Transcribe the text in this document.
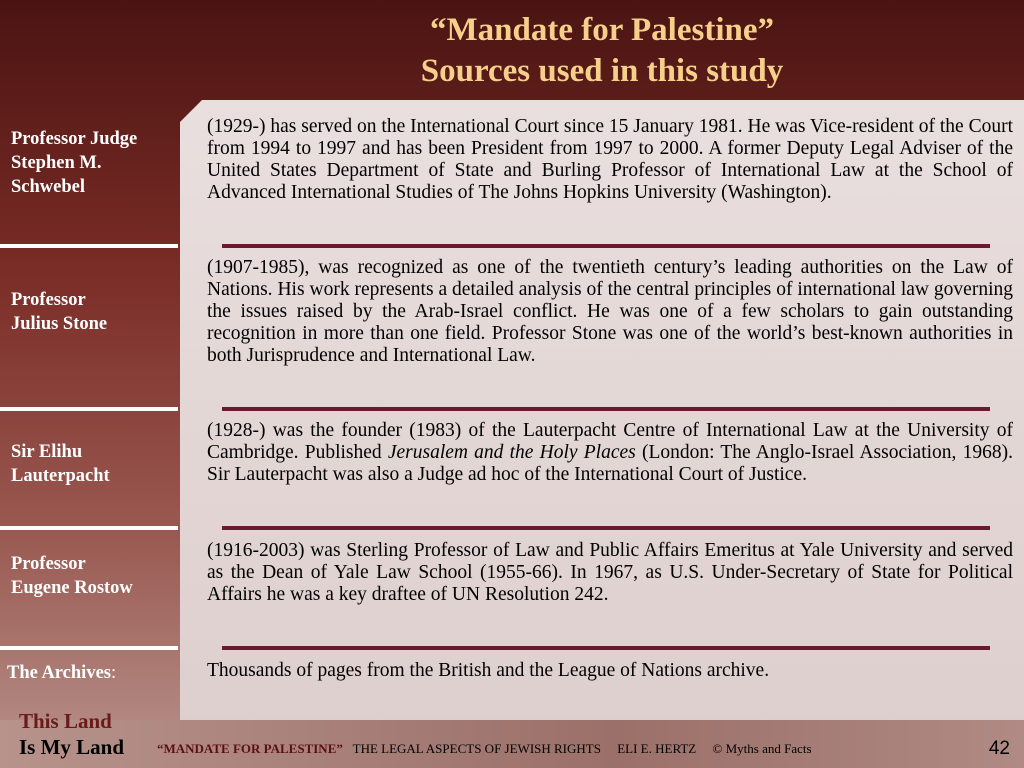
“Mandate for Palestine”
Sources used in this study
Professor Judge
Stephen M.
Schwebel
Professor
Julius Stone
Sir Elihu
Lauterpacht
Professor
Eugene Rostow
The Archives:
(1929-) has served on the International Court since 15 January 1981. He was Vice-resident of the Court from 1994 to 1997 and has been President from 1997 to 2000. A former Deputy Legal Adviser of the United States Department of State and Burling Professor of International Law at the School of Advanced International Studies of The Johns Hopkins University (Washington).
(1907-1985), was recognized as one of the twentieth century’s leading authorities on the Law of Nations. His work represents a detailed analysis of the central principles of international law governing the issues raised by the Arab-Israel conflict. He was one of a few scholars to gain outstanding recognition in more than one field. Professor Stone was one of the world’s best-known authorities in both Jurisprudence and International Law.
(1928-) was the founder (1983) of the Lauterpacht Centre of International Law at the University of Cambridge. Published Jerusalem and the Holy Places (London: The Anglo-Israel Association, 1968). Sir Lauterpacht was also a Judge ad hoc of the International Court of Justice.
(1916-2003) was Sterling Professor of Law and Public Affairs Emeritus at Yale University and served as the Dean of Yale Law School (1955-66). In 1967, as U.S. Under-Secretary of State for Political Affairs he was a key draftee of UN Resolution 242.
Thousands of pages from the British and the League of Nations archive.
This Land
Is My Land	“MANDATE FOR PALESTINE” THE LEGAL ASPECTS OF JEWISH RIGHTS ELI E. HERTZ © Myths and Facts	42
